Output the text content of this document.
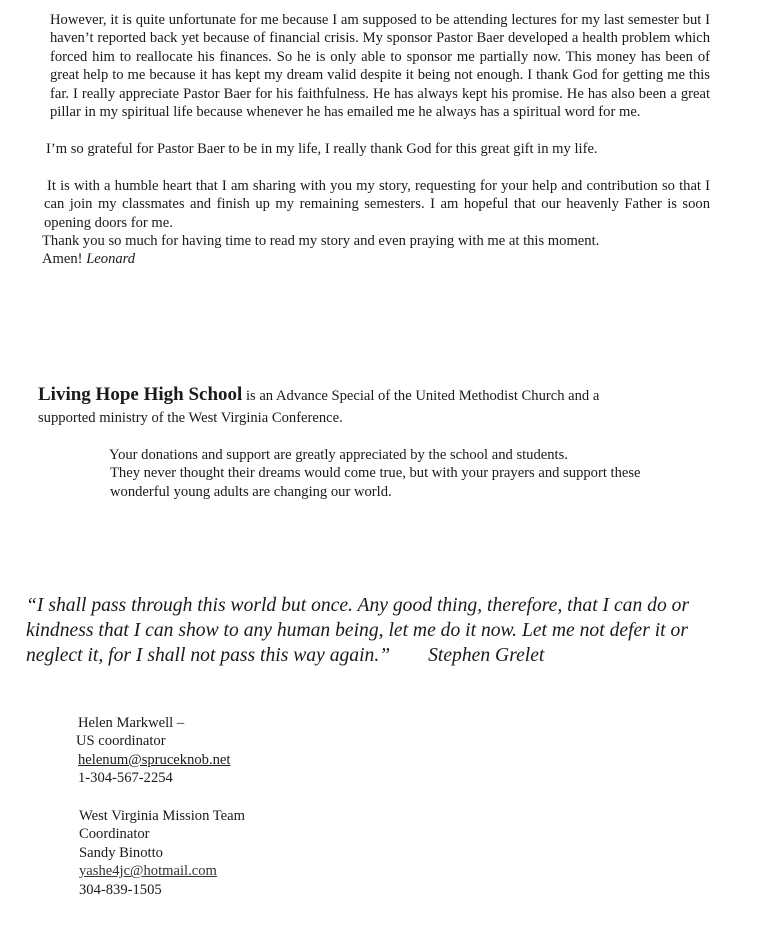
However, it is quite unfortunate for me because I am supposed to be attending lectures for my last semester but I haven’t reported back yet because of financial crisis. My sponsor Pastor Baer developed a health problem which forced him to reallocate his finances. So he is only able to sponsor me partially now. This money has been of great help to me because it has kept my dream valid despite it being not enough. I thank God for getting me this far. I really appreciate Pastor Baer for his faithfulness. He has always kept his promise. He has also been a great pillar in my spiritual life because whenever he has emailed me he always has a spiritual word for me.

I’m so grateful for Pastor Baer to be in my life, I really thank God for this great gift in my life.

It is with a humble heart that I am sharing with you my story, requesting for your help and contribution so that I can join my classmates and finish up my remaining semesters. I am hopeful that our heavenly Father is soon opening doors for me.

Thank you so much for having time to read my story and even praying with me at this moment.

Amen! Leonard

Living Hope High School is an Advance Special of the United Methodist Church and a

supported ministry of the West Virginia Conference.

Your donations and support are greatly appreciated by the school and students.

They never thought their dreams would come true, but with your prayers and support these

wonderful young adults are changing our world.

“I shall pass through this world but once. Any good thing, therefore, that I can do or kindness that I can show to any human being, let me do it now. Let me not defer it or neglect it, for I shall not pass this way again.” Stephen Grelet

Helen Markwell –
US coordinator
helenum@spruceknob.net
1-304-567-2254
West Virginia Mission Team
Coordinator
Sandy Binotto
yashe4jc@hotmail.com
304-839-1505
